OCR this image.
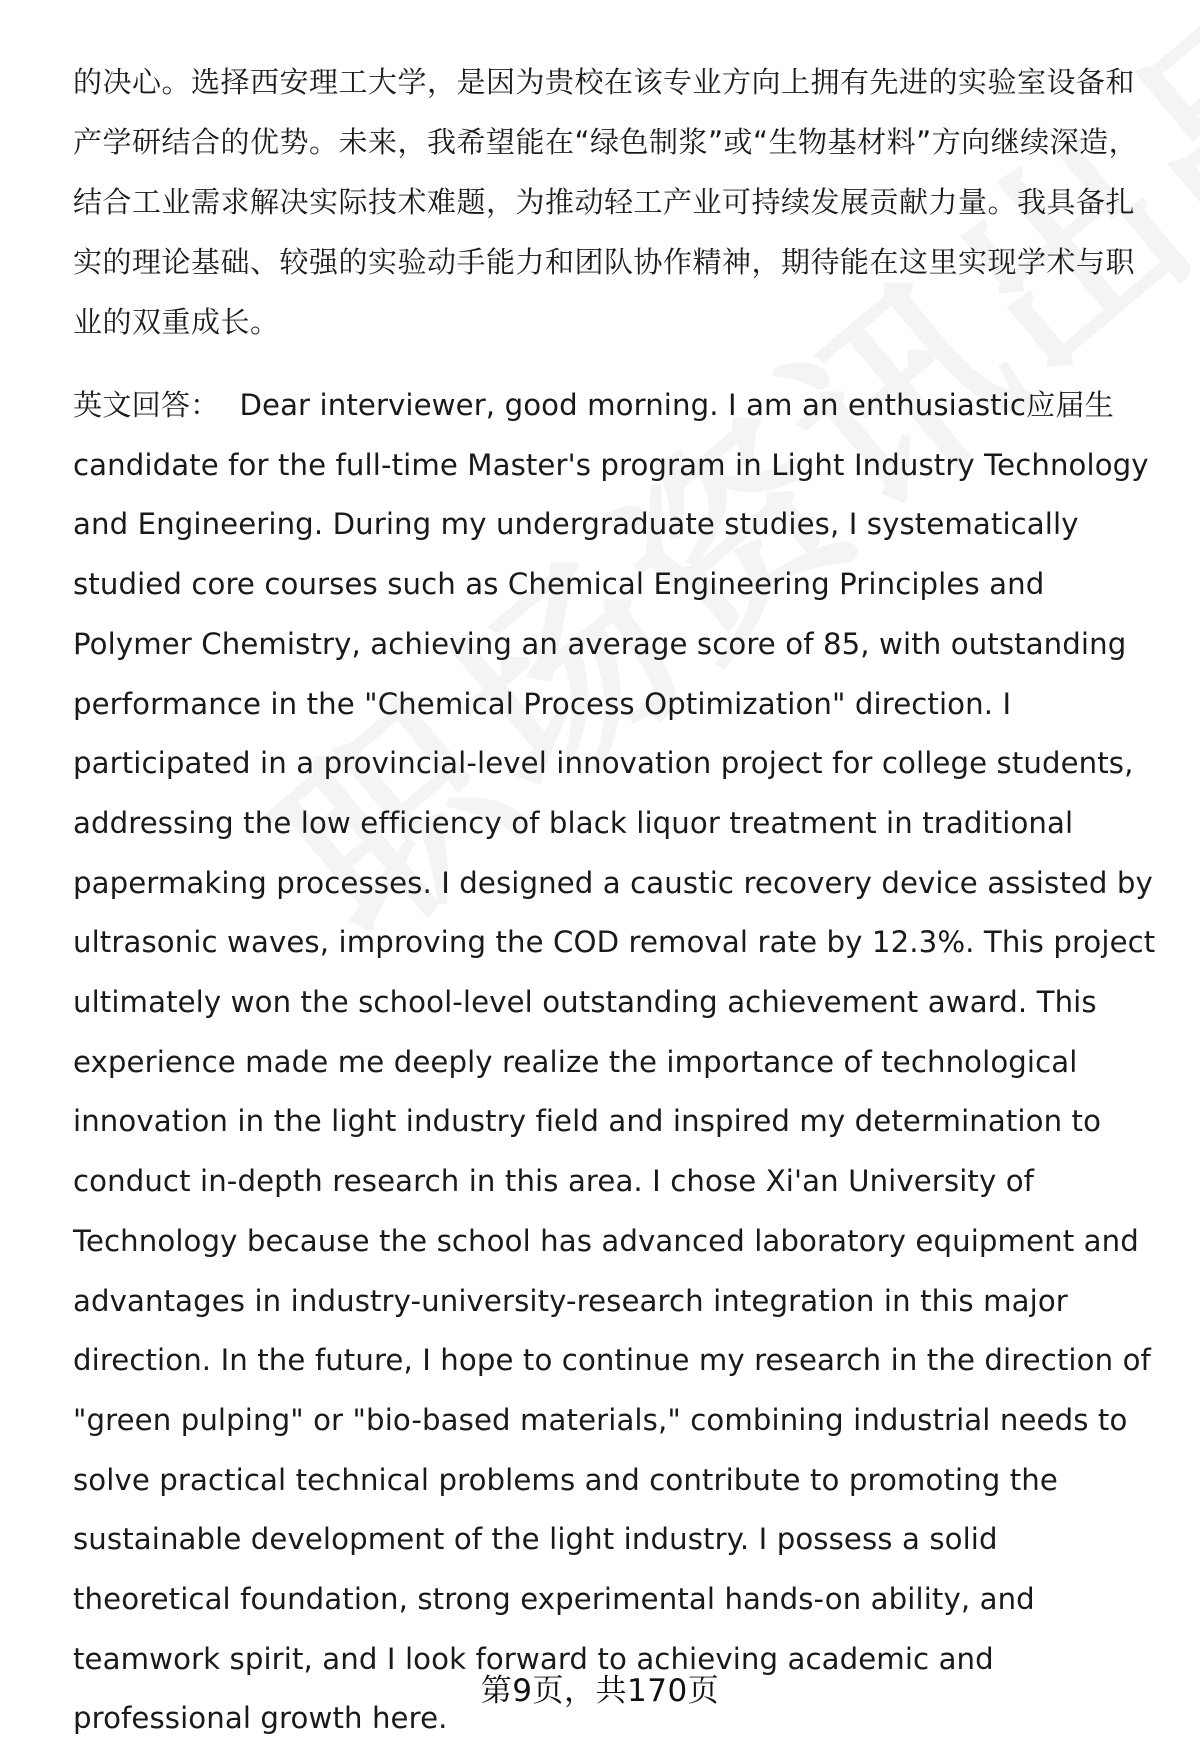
的决心。选择西安理工大学，是因为贵校在该专业方向上拥有先进的实验室设备和产学研结合的优势。未来，我希望能在“绿色制浆”或“生物基材料”方向继续深造，结合工业需求解决实际技术难题，为推动轻工产业可持续发展贡献力量。我具备扎实的理论基础、较强的实验动手能力和团队协作精神，期待能在这里实现学术与职业的双重成长。

英文回答： Dear interviewer, good morning. I am an enthusiastic应届生 candidate for the full-time Master's program in Light Industry Technology and Engineering. During my undergraduate studies, I systematically studied core courses such as Chemical Engineering Principles and Polymer Chemistry, achieving an average score of 85, with outstanding performance in the "Chemical Process Optimization" direction. I participated in a provincial-level innovation project for college students, addressing the low efficiency of black liquor treatment in traditional papermaking processes. I designed a caustic recovery device assisted by ultrasonic waves, improving the COD removal rate by 12.3%. This project ultimately won the school-level outstanding achievement award. This experience made me deeply realize the importance of technological innovation in the light industry field and inspired my determination to conduct in-depth research in this area. I chose Xi'an University of Technology because the school has advanced laboratory equipment and advantages in industry-university-research integration in this major direction. In the future, I hope to continue my research in the direction of "green pulping" or "bio-based materials," combining industrial needs to solve practical technical problems and contribute to promoting the sustainable development of the light industry. I possess a solid theoretical foundation, strong experimental hands-on ability, and teamwork spirit, and I look forward to achieving academic and professional growth here.

第9页，共170页
